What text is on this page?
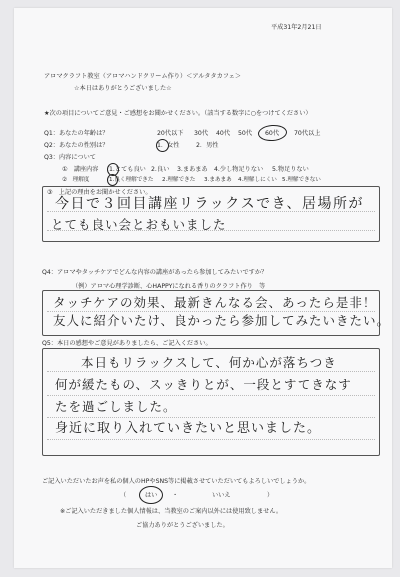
平成31年2月21日
アロマクラフト教室（アロマハンドクリーム作り）＜アルタタカフェ＞
☆本日はありがとうございました☆
★次の項目についてご意見・ご感想をお聞かせください。（該当する数字に○をつけてください）
Q1：あなたの年齢は？	20代以下 30代 40代 50代 60代 70代以上
Q2：あなたの性別は？	1．女性	2．男性
Q3：内容について
①　講座内容 1.とても良い 2.良い 3.まあまあ 4.少し物足りない 5.物足りない
②　理解度	1.良く理解できた 2.理解できた 3.まあまあ 4.理解しにくい 5.理解できない
③　上記の理由をお聞かせください。
今日で３回目講座リラックスでき、居場所が
とても良い会とおもいました
Q4：アロマやタッチケアでどんな内容の講座があったら参加してみたいですか？
（例）アロマ心理学診断、心HAPPYになれる香りのクラフト作り　等
タッチケアの効果、最新きんなる会、あったら是非！
友人に紹介いたけ、良かったら参加してみたいきたい。
Q5：本日の感想やご意見がありましたら、ご記入ください。
本日もリラックスして、何か心が落ちつき
何が緩たもの、スッきりとが、一段とすてきなす
たを過ごしました。
身近に取り入れていきたいと思いました。
ご記入いただいたお声を私の個人のHPやSNS等に掲載させていただいてもよろしいでしょうか。
（	はい ・	いいえ	）
※ご記入いただきました個人情報は、当教室のご案内以外には使用致しません。
ご協力ありがとうございました。
